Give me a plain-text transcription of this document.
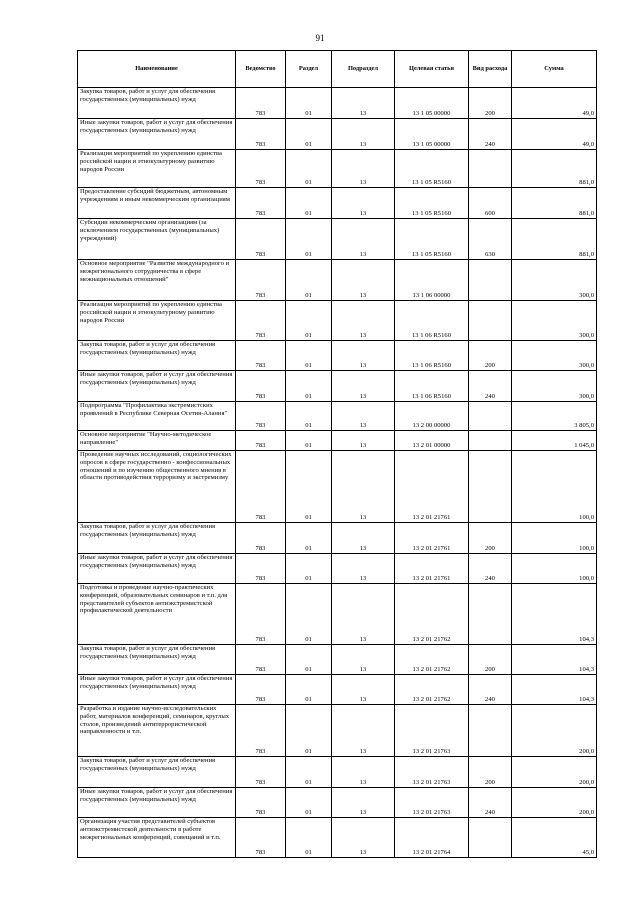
91
Наименование	Ведомство	Раздел	Подраздел	Целевая статья	Вид расхода	Сумма
Закупка товаров, работ и услуг для обеспечения государственных (муниципальных) нужд	783	01	13	13 1 05 00000	200	49,0
Иные закупки товаров, работ и услуг для обеспечения государственных (муниципальных) нужд	783	01	13	13 1 05 00000	240	49,0
Реализация мероприятий по укреплению единства российской нации и этнокультурному развитию народов России	783	01	13	13 1 05 R5160		881,0
Предоставление субсидий бюджетным, автономным учреждениям и иным некоммерческим организациям	783	01	13	13 1 05 R5160	600	881,0
Субсидии некоммерческим организациям (за исключением государственных (муниципальных) учреждений)	783	01	13	13 1 05 R5160	630	881,0
Основное мероприятие "Развитие международного и межрегионального сотрудничества в сфере межнациональных отношений"	783	01	13	13 1 06 00000		300,0
Реализация мероприятий по укреплению единства российской нации и этнокультурному развитию народов России	783	01	13	13 1 06 R5160		300,0
Закупка товаров, работ и услуг для обеспечения государственных (муниципальных) нужд	783	01	13	13 1 06 R5160	200	300,0
Иные закупки товаров, работ и услуг для обеспечения государственных (муниципальных) нужд	783	01	13	13 1 06 R5160	240	300,0
Подпрограмма "Профилактика экстремистских проявлений в Республике Северная Осетия-Алания"	783	01	13	13 2 00 00000		3 805,0
Основное мероприятие "Научно-методическое направление"	783	01	13	13 2 01 00000		1 045,0
Проведение научных исследований, социологических опросов в сфере государственно - конфессиональных отношений и по изучению общественного мнения в области противодействия терроризму и экстремизму	783	01	13	13 2 01 21761		100,0
Закупка товаров, работ и услуг для обеспечения государственных (муниципальных) нужд	783	01	13	13 2 01 21761	200	100,0
Иные закупки товаров, работ и услуг для обеспечения государственных (муниципальных) нужд	783	01	13	13 2 01 21761	240	100,0
Подготовка и проведение научно-практических конференций, образовательных семинаров и т.п. для представителей субъектов антиэкстремистской профилактической деятельности	783	01	13	13 2 01 21762		104,3
Закупка товаров, работ и услуг для обеспечения государственных (муниципальных) нужд	783	01	13	13 2 01 21762	200	104,3
Иные закупки товаров, работ и услуг для обеспечения государственных (муниципальных) нужд	783	01	13	13 2 01 21762	240	104,3
Разработка и издание научно-исследовательских работ, материалов конференций, семинаров, круглых столов, произведений антитеррористической направленности и т.п.	783	01	13	13 2 01 21763		200,0
Закупка товаров, работ и услуг для обеспечения государственных (муниципальных) нужд	783	01	13	13 2 01 21763	200	200,0
Иные закупки товаров, работ и услуг для обеспечения государственных (муниципальных) нужд	783	01	13	13 2 01 21763	240	200,0
Организация участия представителей субъектов антиэкстремистской деятельности в работе межрегиональных конференций, совещаний и т.п.	783	01	13	13 2 01 21764		45,0
